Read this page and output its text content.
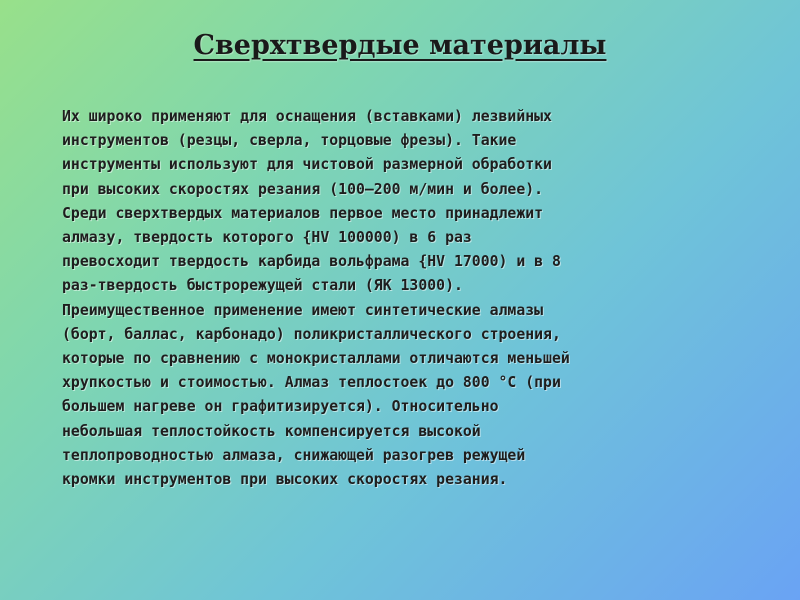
Сверхтвердые материалы
Их широко применяют для оснащения (вставками) лезвийных
инструментов (резцы, сверла, торцовые фрезы). Такие
инструменты используют для чистовой размерной обработки
при высоких скоростях резания (100–200 м/мин и более).
Среди сверхтвердых материалов первое место принадлежит
алмазу, твердость которого {HV 100000) в 6 раз
превосходит твердость карбида вольфрама {HV 17000) и в 8
раз-твердость быстрорежущей стали (ЯК 13000).
Преимущественное применение имеют синтетические алмазы
(борт, баллас, карбонадо) поликристаллического строения,
которые по сравнению с монокристаллами отличаются меньшей
хрупкостью и стоимостью. Алмаз теплостоек до 800 °С (при
большем нагреве он графитизируется). Относительно
небольшая теплостойкость компенсируется высокой
теплопроводностью алмаза, снижающей разогрев режущей
кромки инструментов при высоких скоростях резания.
